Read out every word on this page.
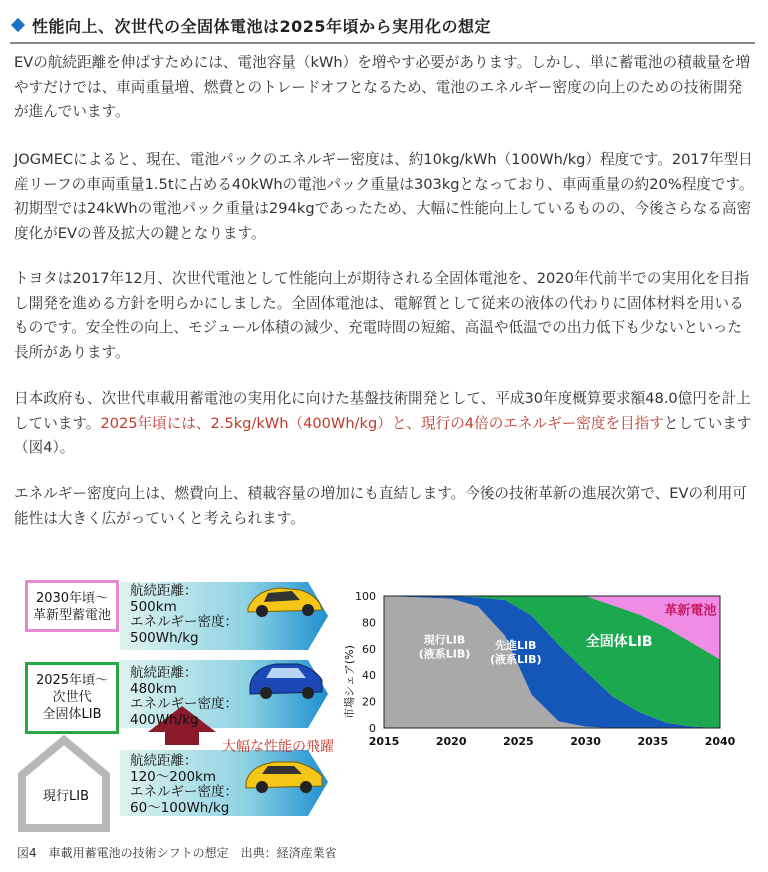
性能向上、次世代の全固体電池は2025年頃から実用化の想定

EVの航続距離を伸ばすためには、電池容量（kWh）を増やす必要があります。しかし、単に蓄電池の積載量を増やすだけでは、車両重量増、燃費とのトレードオフとなるため、電池のエネルギー密度の向上のための技術開発が進んでいます。

JOGMECによると、現在、電池パックのエネルギー密度は、約10kg/kWh（100Wh/kg）程度です。2017年型日産リーフの車両重量1.5tに占める40kWhの電池パック重量は303kgとなっており、車両重量の約20%程度です。初期型では24kWhの電池パック重量は294kgであったため、大幅に性能向上しているものの、今後さらなる高密度化がEVの普及拡大の鍵となります。

トヨタは2017年12月、次世代電池として性能向上が期待される全固体電池を、2020年代前半での実用化を目指し開発を進める方針を明らかにしました。全固体電池は、電解質として従来の液体の代わりに固体材料を用いるものです。安全性の向上、モジュール体積の減少、充電時間の短縮、高温や低温での出力低下も少ないといった長所があります。

日本政府も、次世代車載用蓄電池の実用化に向けた基盤技術開発として、平成30年度概算要求額48.0億円を計上しています。2025年頃には、2.5kg/kWh（400Wh/kg）と、現行の4倍のエネルギー密度を目指すとしています（図4）。

エネルギー密度向上は、燃費向上、積載容量の増加にも直結します。今後の技術革新の進展次第で、EVの利用可能性は大きく広がっていくと考えられます。

2030年頃～
革新型蓄電池
2025年頃～
次世代
全固体LIB
現行LIB
航続距離：
500km
エネルギー密度：
500Wh/kg
航続距離：
480km
エネルギー密度：
400Wh/kg
航続距離：
120～200km
エネルギー密度：
60～100Wh/kg
大幅な性能の飛躍
市場シェア(%)
0
20
40
60
80
100
2015	2020	2025	2030	2035	2040
現行LIB
(液系LIB)
先進LIB
(液系LIB)
全固体LIB
革新電池
図4　車載用蓄電池の技術シフトの想定　出典：経済産業省
